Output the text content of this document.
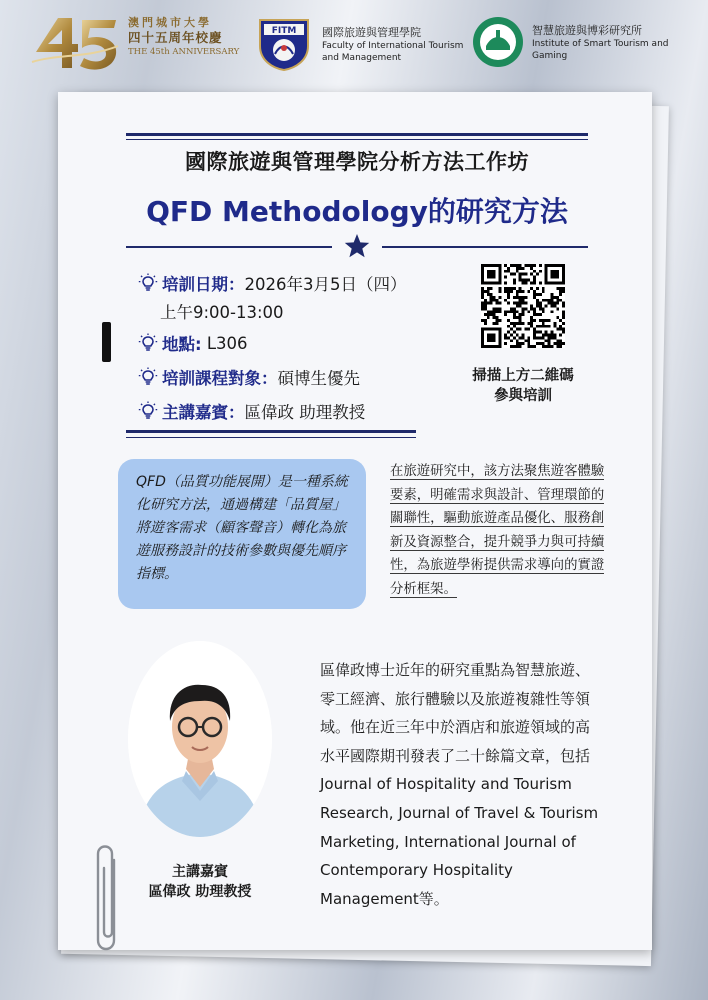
澳門城市大學
四十五周年校慶
THE 45th ANNIVERSARY
FITM 國際旅遊與管理學院
Faculty of International Tourism
and Management
智慧旅遊與博彩研究所
Institute of Smart Tourism and
Gaming
國際旅遊與管理學院分析方法工作坊
QFD Methodology的研究方法
培訓日期： 2026年3月5日（四）
上午9:00-13:00
地點: L306
培訓課程對象： 碩博生優先
主講嘉賓： 區偉政 助理教授
掃描上方二維碼
參與培訓
QFD（品質功能展開）是一種系統化研究方法，通過構建「品質屋」將遊客需求（顧客聲音）轉化為旅遊服務設計的技術參數與優先順序指標。
在旅遊研究中，該方法聚焦遊客體驗
要素，明確需求與設計、管理環節的
關聯性，驅動旅遊產品優化、服務創
新及資源整合，提升競爭力與可持續
性，為旅遊學術提供需求導向的實證
分析框架。
主講嘉賓
區偉政 助理教授
區偉政博士近年的研究重點為智慧旅遊、
零工經濟、旅行體驗以及旅遊複雜性等領
域。他在近三年中於酒店和旅遊領域的高
水平國際期刊發表了二十餘篇文章，包括
Journal of Hospitality and Tourism
Research, Journal of Travel & Tourism
Marketing, International Journal of
Contemporary Hospitality
Management等。
